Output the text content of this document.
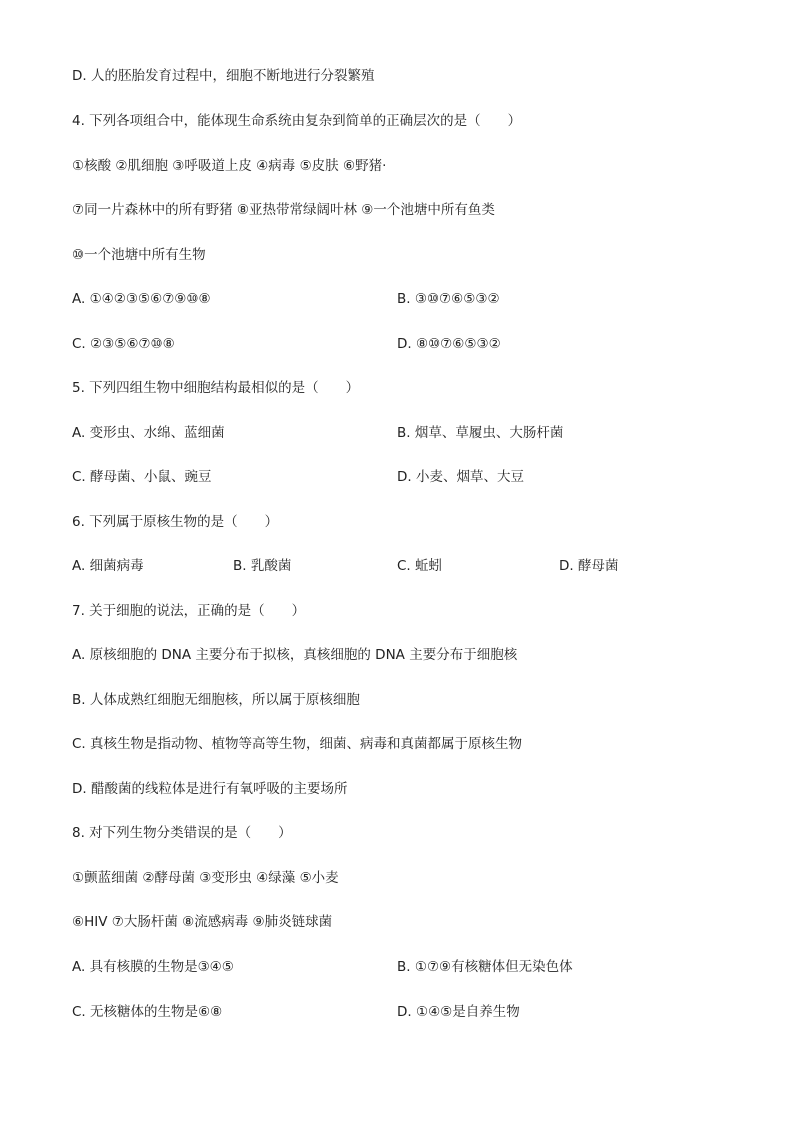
D. 人的胚胎发育过程中，细胞不断地进行分裂繁殖
4. 下列各项组合中，能体现生命系统由复杂到简单的正确层次的是（　　）
①核酸 ②肌细胞 ③呼吸道上皮 ④病毒 ⑤皮肤 ⑥野猪·
⑦同一片森林中的所有野猪 ⑧亚热带常绿阔叶林 ⑨一个池塘中所有鱼类
⑩一个池塘中所有生物
A. ①④②③⑤⑥⑦⑨⑩⑧	B. ③⑩⑦⑥⑤③②
C. ②③⑤⑥⑦⑩⑧	D. ⑧⑩⑦⑥⑤③②
5. 下列四组生物中细胞结构最相似的是（　　）
A. 变形虫、水绵、蓝细菌	B. 烟草、草履虫、大肠杆菌
C. 酵母菌、小鼠、豌豆	D. 小麦、烟草、大豆
6. 下列属于原核生物的是（　　）
A. 细菌病毒	B. 乳酸菌	C. 蚯蚓	D. 酵母菌
7. 关于细胞的说法，正确的是（　　）
A. 原核细胞的 DNA 主要分布于拟核，真核细胞的 DNA 主要分布于细胞核
B. 人体成熟红细胞无细胞核，所以属于原核细胞
C. 真核生物是指动物、植物等高等生物，细菌、病毒和真菌都属于原核生物
D. 醋酸菌的线粒体是进行有氧呼吸的主要场所
8. 对下列生物分类错误的是（　　）
①颤蓝细菌 ②酵母菌 ③变形虫 ④绿藻 ⑤小麦
⑥HIV ⑦大肠杆菌 ⑧流感病毒 ⑨肺炎链球菌
A. 具有核膜的生物是③④⑤	B. ①⑦⑨有核糖体但无染色体
C. 无核糖体的生物是⑥⑧	D. ①④⑤是自养生物
